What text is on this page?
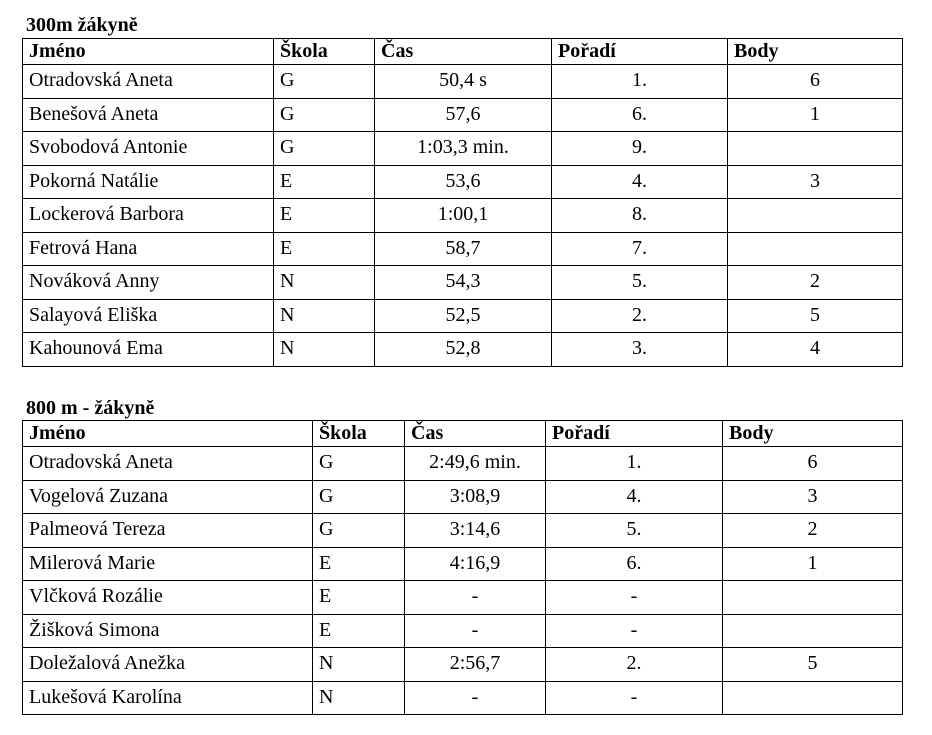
300m žákyně
Jméno	Škola	Čas	Pořadí	Body
Otradovská Aneta	G	50,4 s	1.	6
Benešová Aneta	G	57,6	6.	1
Svobodová Antonie	G	1:03,3 min.	9.	
Pokorná Natálie	E	53,6	4.	3
Lockerová Barbora	E	1:00,1	8.	
Fetrová Hana	E	58,7	7.	
Nováková Anny	N	54,3	5.	2
Salayová Eliška	N	52,5	2.	5
Kahounová Ema	N	52,8	3.	4
800 m - žákyně
Jméno	Škola	Čas	Pořadí	Body
Otradovská Aneta	G	2:49,6 min.	1.	6
Vogelová Zuzana	G	3:08,9	4.	3
Palmeová Tereza	G	3:14,6	5.	2
Milerová Marie	E	4:16,9	6.	1
Vlčková Rozálie	E	-	-	
Žišková Simona	E	-	-	
Doležalová Anežka	N	2:56,7	2.	5
Lukešová Karolína	N	-	-	
